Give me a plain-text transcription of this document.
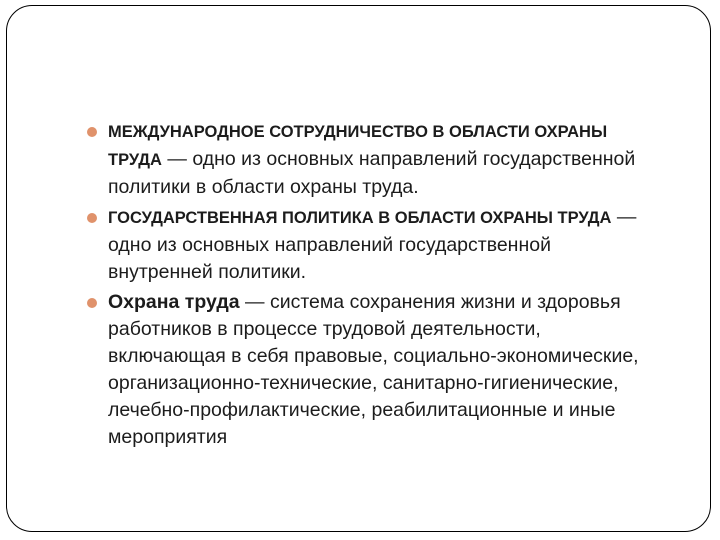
МЕЖДУНАРОДНОЕ СОТРУДНИЧЕСТВО В ОБЛАСТИ ОХРАНЫ ТРУДА — одно из основных направлений государственной политики в области охраны труда.
ГОСУДАРСТВЕННАЯ ПОЛИТИКА В ОБЛАСТИ ОХРАНЫ ТРУДА — одно из основных направлений государственной внутренней политики.
Охрана труда — система сохранения жизни и здоровья работников в процессе трудовой деятельности, включающая в себя правовые, социально-экономические, организационно-технические, санитарно-гигиенические, лечебно-профилактические, реабилитационные и иные мероприятия
